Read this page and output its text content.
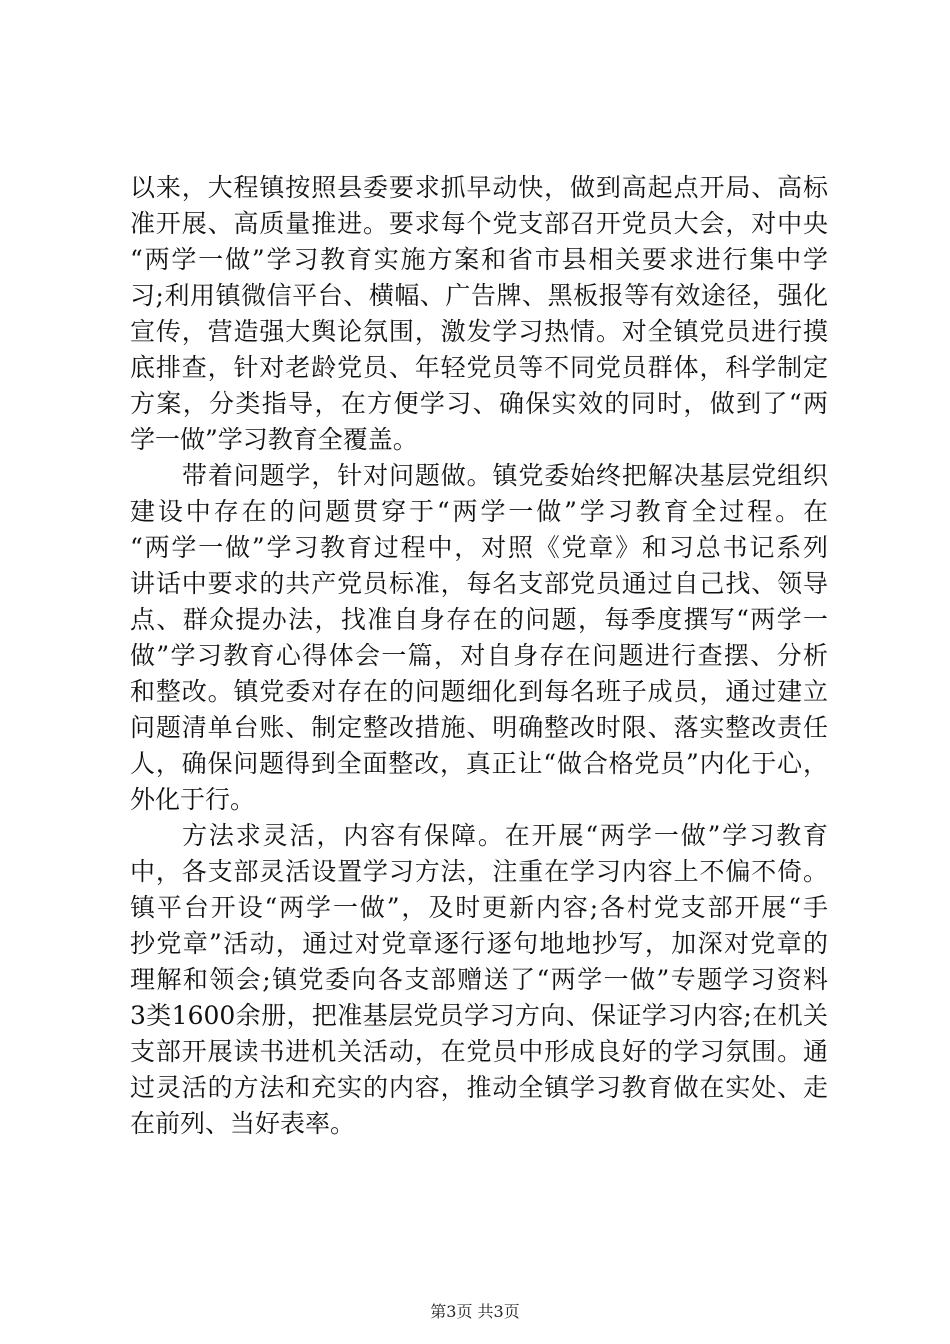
以来，大程镇按照县委要求抓早动快，做到高起点开局、高标
准开展、高质量推进。要求每个党支部召开党员大会，对中央
“两学一做”学习教育实施方案和省市县相关要求进行集中学
习;利用镇微信平台、横幅、广告牌、黑板报等有效途径，强化
宣传，营造强大舆论氛围，激发学习热情。对全镇党员进行摸
底排查，针对老龄党员、年轻党员等不同党员群体，科学制定
方案，分类指导，在方便学习、确保实效的同时，做到了“两
学一做”学习教育全覆盖。
带着问题学，针对问题做。镇党委始终把解决基层党组织
建设中存在的问题贯穿于“两学一做”学习教育全过程。在
“两学一做”学习教育过程中，对照《党章》和习总书记系列
讲话中要求的共产党员标准，每名支部党员通过自己找、领导
点、群众提办法，找准自身存在的问题，每季度撰写“两学一
做”学习教育心得体会一篇，对自身存在问题进行查摆、分析
和整改。镇党委对存在的问题细化到每名班子成员，通过建立
问题清单台账、制定整改措施、明确整改时限、落实整改责任
人，确保问题得到全面整改，真正让“做合格党员”内化于心，
外化于行。
方法求灵活，内容有保障。在开展“两学一做”学习教育
中，各支部灵活设置学习方法，注重在学习内容上不偏不倚。
镇平台开设“两学一做”，及时更新内容;各村党支部开展“手
抄党章”活动，通过对党章逐行逐句地地抄写，加深对党章的
理解和领会;镇党委向各支部赠送了“两学一做”专题学习资料
3类1600余册，把准基层党员学习方向、保证学习内容;在机关
支部开展读书进机关活动，在党员中形成良好的学习氛围。通
过灵活的方法和充实的内容，推动全镇学习教育做在实处、走
在前列、当好表率。
第3页 共3页
